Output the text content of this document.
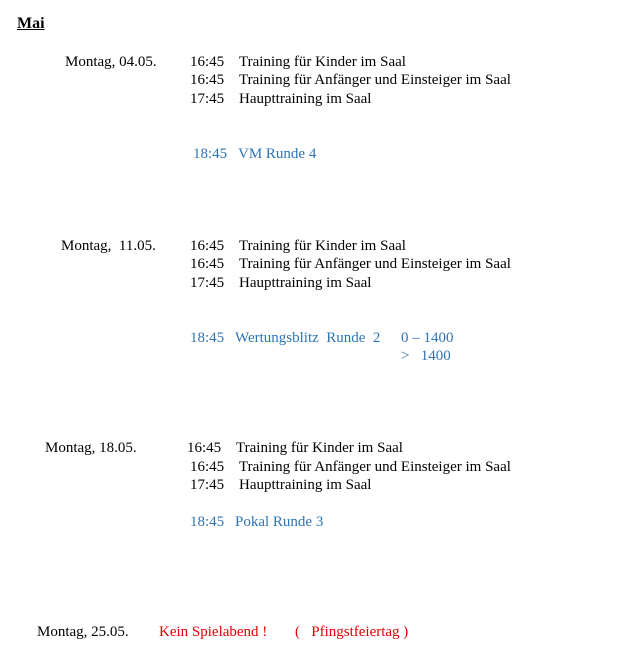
Mai
Montag, 04.05. 16:45 Training für Kinder im Saal
16:45 Training für Anfänger und Einsteiger im Saal
17:45 Haupttraining im Saal
18:45 VM Runde 4
Montag,  11.05. 16:45 Training für Kinder im Saal
16:45 Training für Anfänger und Einsteiger im Saal
17:45 Haupttraining im Saal
18:45 Wertungsblitz  Runde  2 0 – 1400
>   1400
Montag, 18.05.	16:45 Training für Kinder im Saal
16:45 Training für Anfänger und Einsteiger im Saal
17:45 Haupttraining im Saal
18:45 Pokal Runde 3
Montag, 25.05. Kein Spielabend ! (   Pfingstfeiertag )
